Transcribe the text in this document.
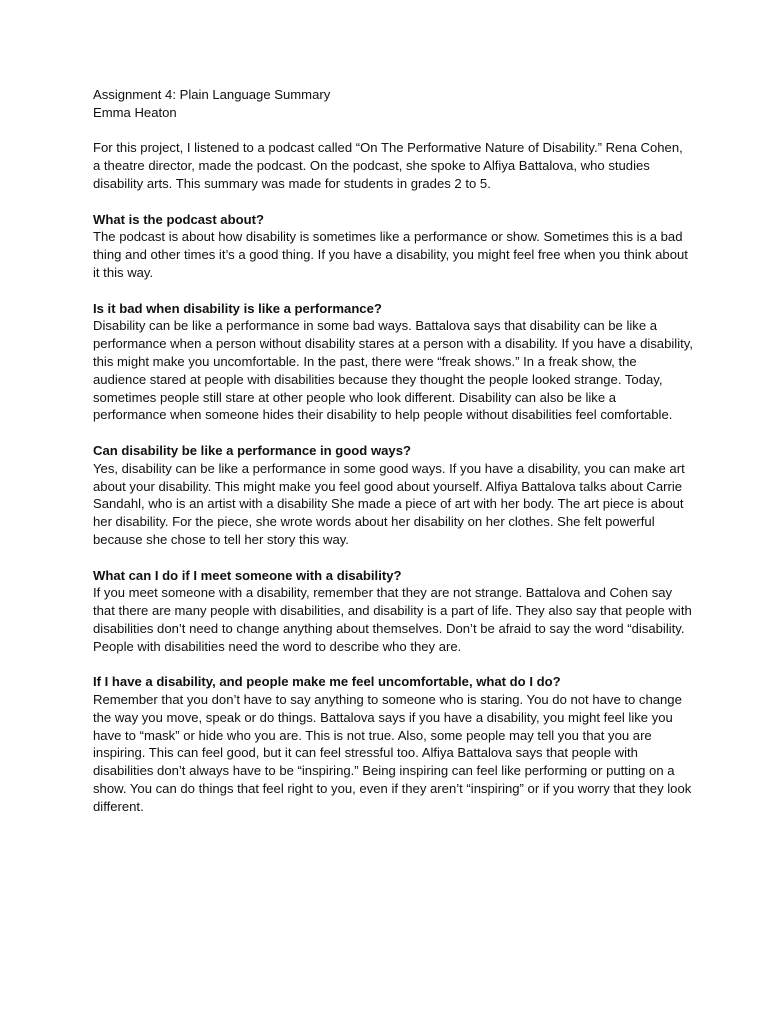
Assignment 4: Plain Language Summary
Emma Heaton

For this project, I listened to a podcast called “On The Performative Nature of Disability.” Rena Cohen, a theatre director, made the podcast. On the podcast, she spoke to Alfiya Battalova, who studies disability arts. This summary was made for students in grades 2 to 5.

What is the podcast about?

The podcast is about how disability is sometimes like a performance or show. Sometimes this is a bad thing and other times it’s a good thing. If you have a disability, you might feel free when you think about it this way.

Is it bad when disability is like a performance?

Disability can be like a performance in some bad ways. Battalova says that disability can be like a performance when a person without disability stares at a person with a disability. If you have a disability, this might make you uncomfortable. In the past, there were “freak shows.” In a freak show, the audience stared at people with disabilities because they thought the people looked strange. Today, sometimes people still stare at other people who look different. Disability can also be like a performance when someone hides their disability to help people without disabilities feel comfortable.

Can disability be like a performance in good ways?

Yes, disability can be like a performance in some good ways. If you have a disability, you can make art about your disability. This might make you feel good about yourself. Alfiya Battalova talks about Carrie Sandahl, who is an artist with a disability She made a piece of art with her body. The art piece is about her disability. For the piece, she wrote words about her disability on her clothes. She felt powerful because she chose to tell her story this way.

What can I do if I meet someone with a disability?

If you meet someone with a disability, remember that they are not strange. Battalova and Cohen say that there are many people with disabilities, and disability is a part of life. They also say that people with disabilities don’t need to change anything about themselves. Don’t be afraid to say the word “disability. People with disabilities need the word to describe who they are.

If I have a disability, and people make me feel uncomfortable, what do I do?

Remember that you don’t have to say anything to someone who is staring. You do not have to change the way you move, speak or do things. Battalova says if you have a disability, you might feel like you have to “mask” or hide who you are. This is not true. Also, some people may tell you that you are inspiring. This can feel good, but it can feel stressful too. Alfiya Battalova says that people with disabilities don’t always have to be “inspiring.” Being inspiring can feel like performing or putting on a show. You can do things that feel right to you, even if they aren’t “inspiring” or if you worry that they look different.
